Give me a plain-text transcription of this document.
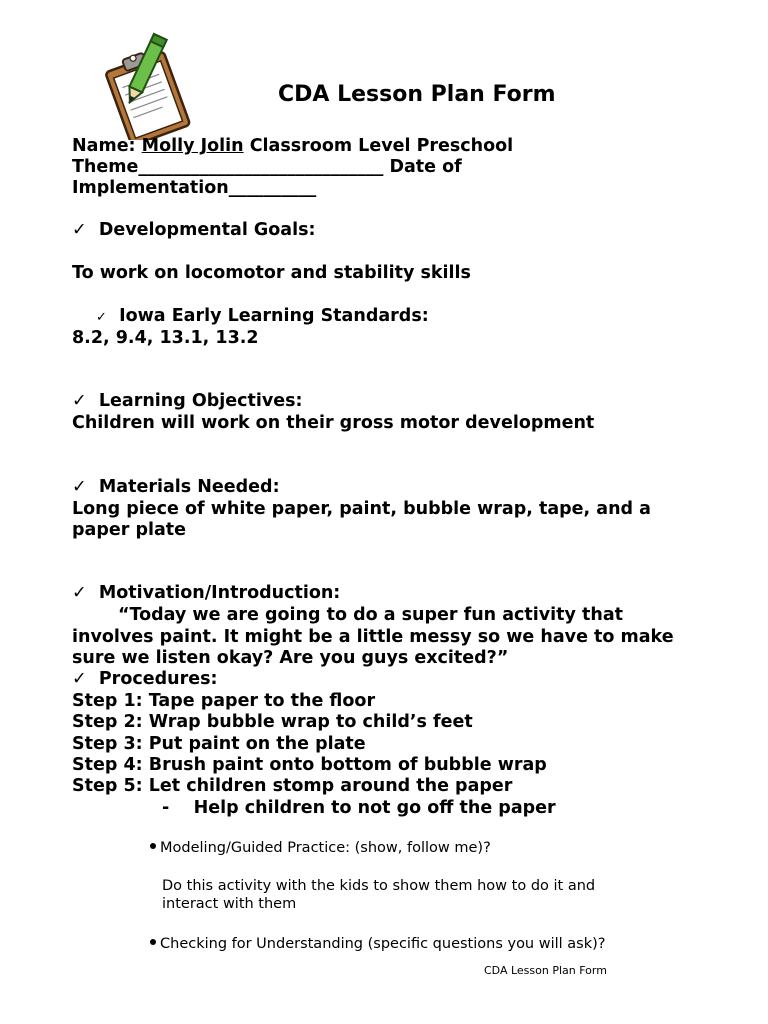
CDA Lesson Plan Form
Name: Molly Jolin Classroom Level Preschool
Theme____________________________ Date of
Implementation__________
✓ Developmental Goals:
To work on locomotor and stability skills
✓ Iowa Early Learning Standards:
8.2, 9.4, 13.1, 13.2
✓ Learning Objectives:
Children will work on their gross motor development
✓ Materials Needed:
Long piece of white paper, paint, bubble wrap, tape, and a
paper plate
✓ Motivation/Introduction:
“Today we are going to do a super fun activity that
involves paint. It might be a little messy so we have to make
sure we listen okay? Are you guys excited?”
✓ Procedures:
Step 1: Tape paper to the floor
Step 2: Wrap bubble wrap to child’s feet
Step 3: Put paint on the plate
Step 4: Brush paint onto bottom of bubble wrap
Step 5: Let children stomp around the paper
-    Help children to not go off the paper
Modeling/Guided Practice: (show, follow me)?
Do this activity with the kids to show them how to do it and
interact with them
Checking for Understanding (specific questions you will ask)?
CDA Lesson Plan Form
